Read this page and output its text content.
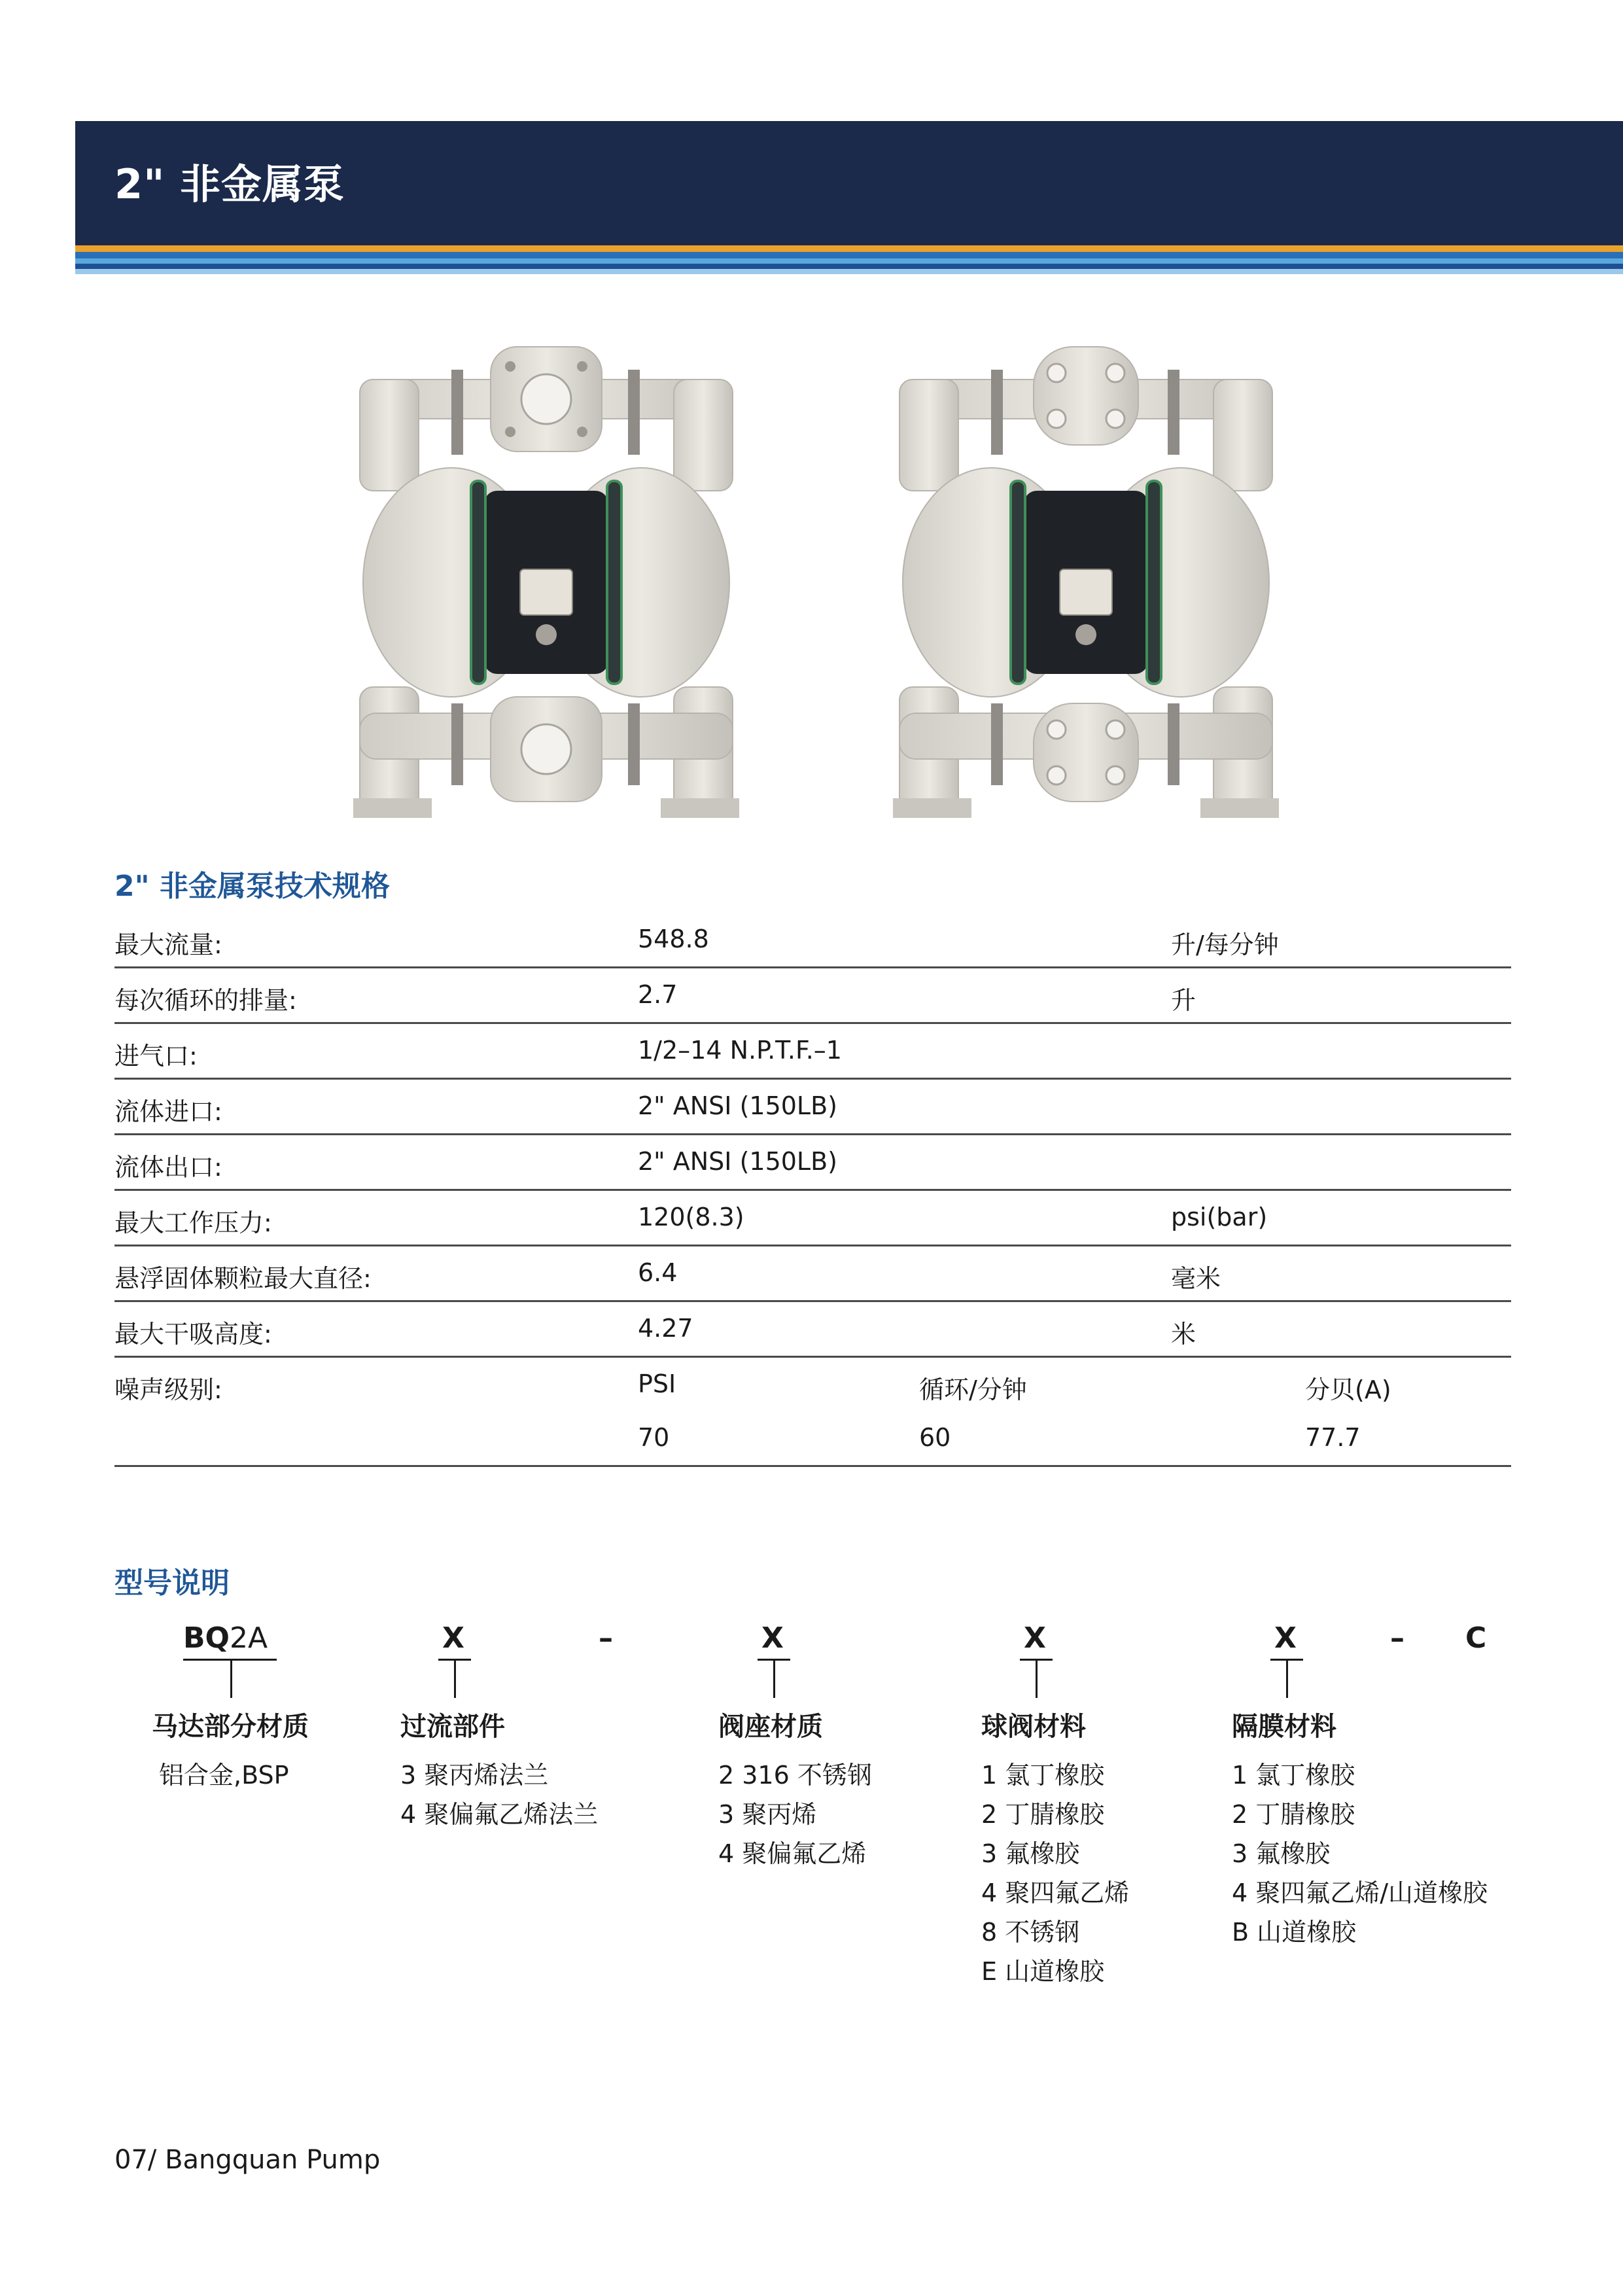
2" 非金属泵
2" 非金属泵技术规格
最大流量:	548.8	升/每分钟
每次循环的排量:	2.7	升
进气口:	1/2–14 N.P.T.F.–1
流体进口:	2" ANSI (150LB)
流体出口:	2" ANSI (150LB)
最大工作压力:	120(8.3)	psi(bar)
悬浮固体颗粒最大直径:	6.4	毫米
最大干吸高度:	4.27	米
噪声级别:	PSI	循环/分钟	分贝(A)
70	60	77.7
型号说明
BQ2A	X	–	X	X	X	– C
马达部分材质
铝合金,BSP
过流部件
3 聚丙烯法兰
4 聚偏氟乙烯法兰
阀座材质
2 316 不锈钢
3 聚丙烯
4 聚偏氟乙烯
球阀材料
1 氯丁橡胶
2 丁腈橡胶
3 氟橡胶
4 聚四氟乙烯
8 不锈钢
E 山道橡胶
隔膜材料
1 氯丁橡胶
2 丁腈橡胶
3 氟橡胶
4 聚四氟乙烯/山道橡胶
B 山道橡胶
07/ Bangquan Pump
